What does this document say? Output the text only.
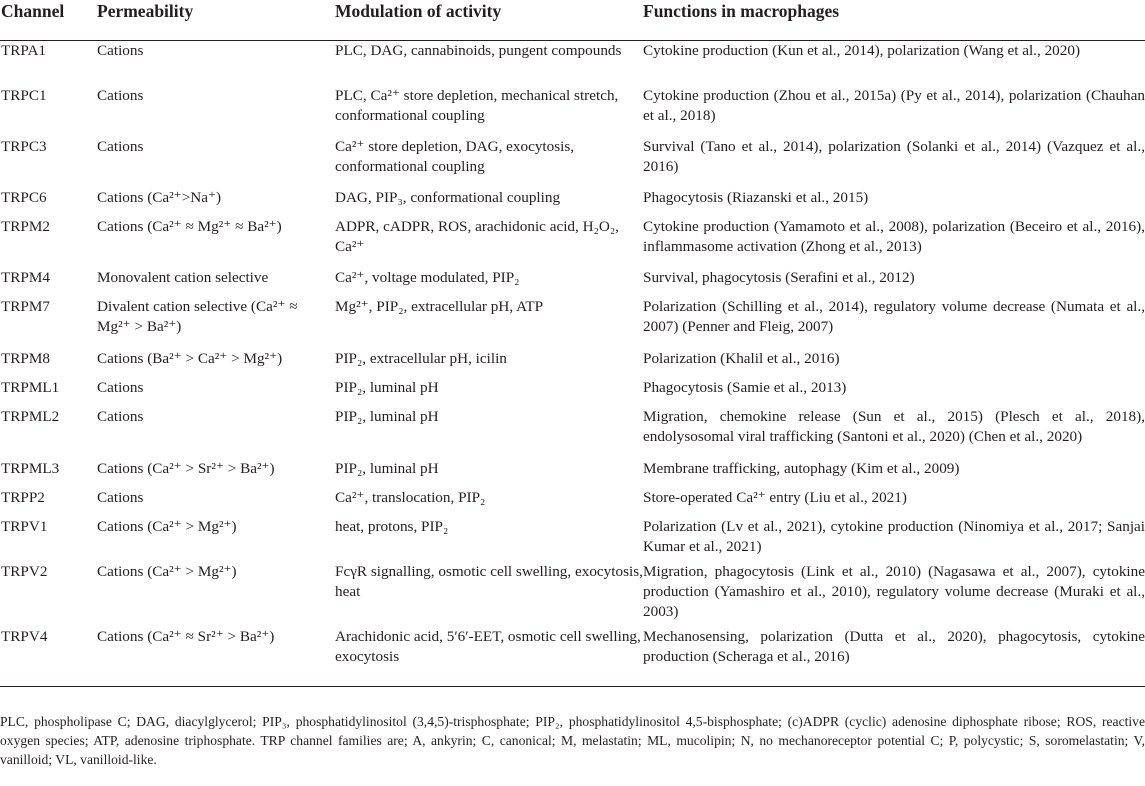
Channel	Permeability	Modulation of activity	Functions in macrophages
TRPA1	Cations	PLC, DAG, cannabinoids, pungent compounds	Cytokine production (Kun et al., 2014), polarization (Wang et al., 2020)
TRPC1	Cations	PLC, Ca²⁺ store depletion, mechanical stretch, conformational coupling	Cytokine production (Zhou et al., 2015a) (Py et al., 2014), polarization (Chauhan et al., 2018)
TRPC3	Cations	Ca²⁺ store depletion, DAG, exocytosis, conformational coupling	Survival (Tano et al., 2014), polarization (Solanki et al., 2014) (Vazquez et al., 2016)
TRPC6	Cations (Ca²⁺>Na⁺)	DAG, PIP₃, conformational coupling	Phagocytosis (Riazanski et al., 2015)
TRPM2	Cations (Ca²⁺ ≈ Mg²⁺ ≈ Ba²⁺)	ADPR, cADPR, ROS, arachidonic acid, H₂O₂, Ca²⁺	Cytokine production (Yamamoto et al., 2008), polarization (Beceiro et al., 2016), inflammasome activation (Zhong et al., 2013)
TRPM4	Monovalent cation selective	Ca²⁺, voltage modulated, PIP₂	Survival, phagocytosis (Serafini et al., 2012)
TRPM7	Divalent cation selective (Ca²⁺ ≈ Mg²⁺ > Ba²⁺)	Mg²⁺, PIP₂, extracellular pH, ATP	Polarization (Schilling et al., 2014), regulatory volume decrease (Numata et al., 2007) (Penner and Fleig, 2007)
TRPM8	Cations (Ba²⁺ > Ca²⁺ > Mg²⁺)	PIP₂, extracellular pH, icilin	Polarization (Khalil et al., 2016)
TRPML1	Cations	PIP₂, luminal pH	Phagocytosis (Samie et al., 2013)
TRPML2	Cations	PIP₂, luminal pH	Migration, chemokine release (Sun et al., 2015) (Plesch et al., 2018), endolysosomal viral trafficking (Santoni et al., 2020) (Chen et al., 2020)
TRPML3	Cations (Ca²⁺ > Sr²⁺ > Ba²⁺)	PIP₂, luminal pH	Membrane trafficking, autophagy (Kim et al., 2009)
TRPP2	Cations	Ca²⁺, translocation, PIP₂	Store-operated Ca²⁺ entry (Liu et al., 2021)
TRPV1	Cations (Ca²⁺ > Mg²⁺)	heat, protons, PIP₂	Polarization (Lv et al., 2021), cytokine production (Ninomiya et al., 2017; Sanjai Kumar et al., 2021)
TRPV2	Cations (Ca²⁺ > Mg²⁺)	FcγR signalling, osmotic cell swelling, exocytosis, heat	Migration, phagocytosis (Link et al., 2010) (Nagasawa et al., 2007), cytokine production (Yamashiro et al., 2010), regulatory volume decrease (Muraki et al., 2003)
TRPV4	Cations (Ca²⁺ ≈ Sr²⁺ > Ba²⁺)	Arachidonic acid, 5′6′-EET, osmotic cell swelling, exocytosis	Mechanosensing, polarization (Dutta et al., 2020), phagocytosis, cytokine production (Scheraga et al., 2016)
PLC, phospholipase C; DAG, diacylglycerol; PIP₃, phosphatidylinositol (3,4,5)-trisphosphate; PIP₂, phosphatidylinositol 4,5-bisphosphate; (c)ADPR (cyclic) adenosine diphosphate ribose; ROS, reactive oxygen species; ATP, adenosine triphosphate. TRP channel families are; A, ankyrin; C, canonical; M, melastatin; ML, mucolipin; N, no mechanoreceptor potential C; P, polycystic; S, soromelastatin; V, vanilloid; VL, vanilloid-like.
